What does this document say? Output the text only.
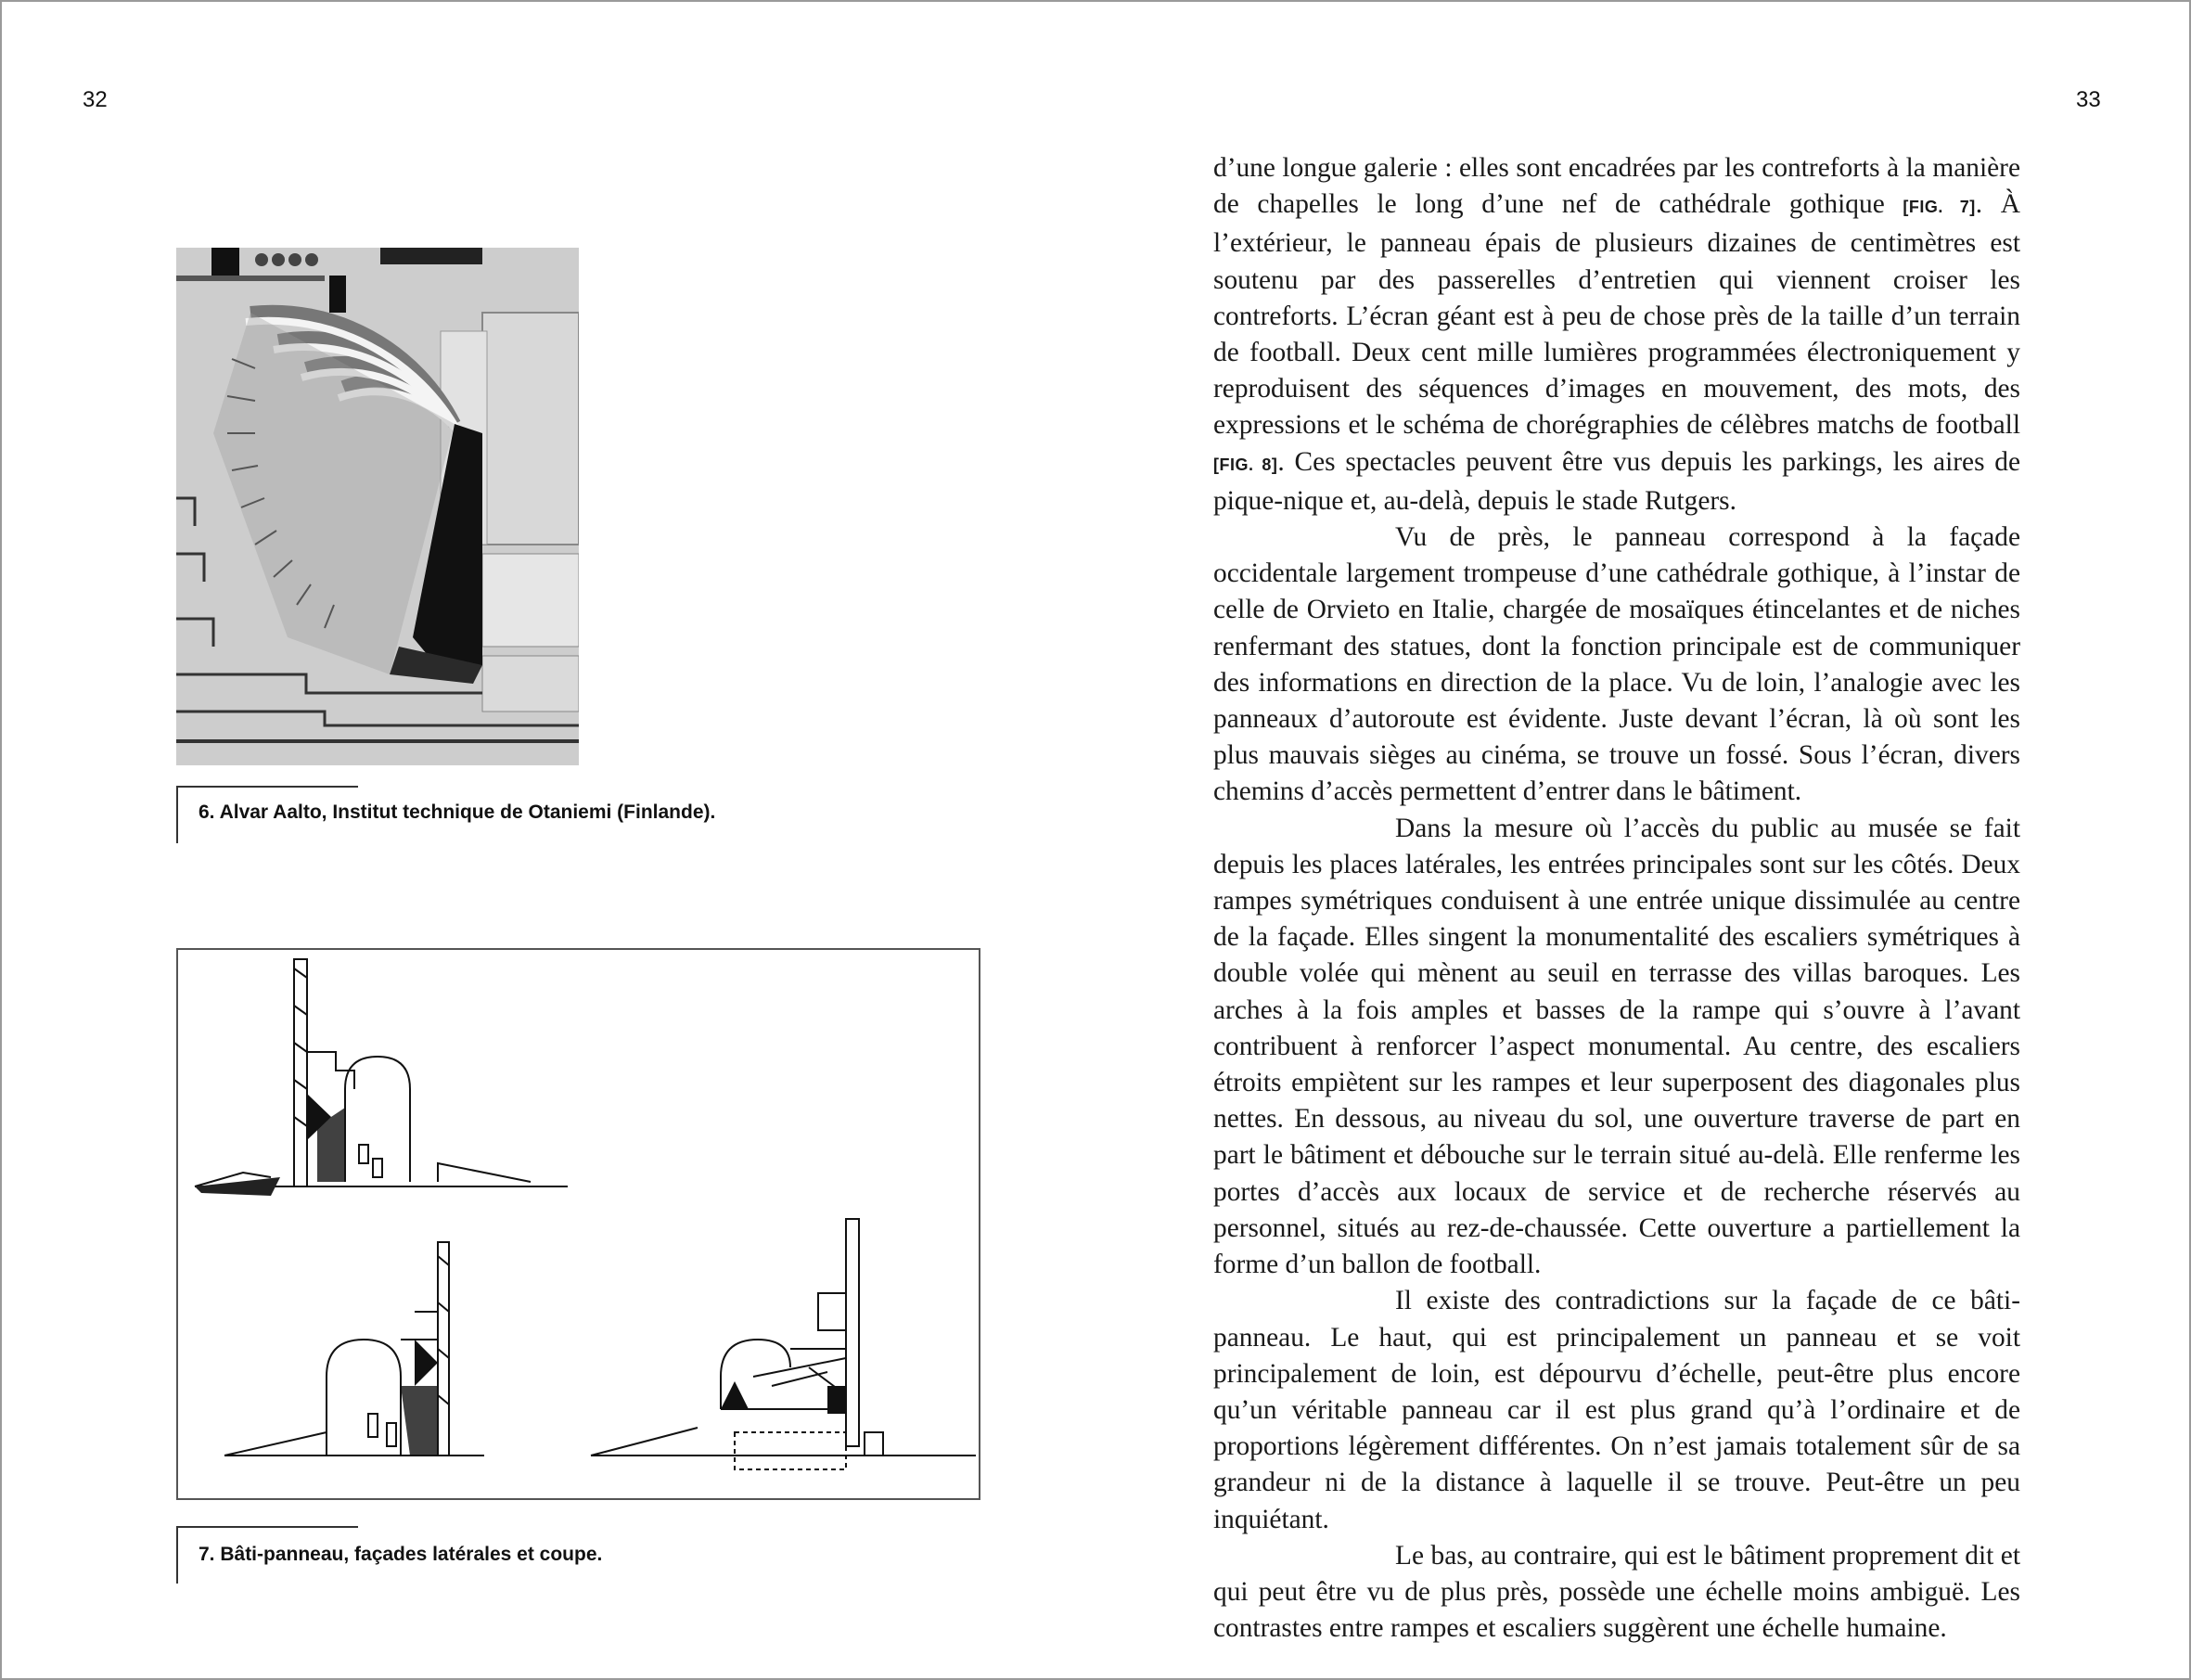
32	33
6. Alvar Aalto, Institut technique de Otaniemi (Finlande).
7. Bâti-panneau, façades latérales et coupe.

d’une longue galerie : elles sont encadrées par les contreforts à la manière de chapelles le long d’une nef de cathédrale gothique [FIG. 7]. À l’extérieur, le panneau épais de plusieurs dizaines de centimètres est soutenu par des passerelles d’entretien qui viennent croiser les contreforts. L’écran géant est à peu de chose près de la taille d’un terrain de football. Deux cent mille lumières programmées électroniquement y reproduisent des séquences d’images en mouvement, des mots, des expressions et le schéma de chorégraphies de célèbres matchs de football [FIG. 8]. Ces spectacles peuvent être vus depuis les parkings, les aires de pique-nique et, au-delà, depuis le stade Rutgers.

Vu de près, le panneau correspond à la façade occidentale largement trompeuse d’une cathédrale gothique, à l’instar de celle de Orvieto en Italie, chargée de mosaïques étincelantes et de niches renfermant des statues, dont la fonction principale est de communiquer des informations en direction de la place. Vu de loin, l’analogie avec les panneaux d’autoroute est évidente. Juste devant l’écran, là où sont les plus mauvais sièges au cinéma, se trouve un fossé. Sous l’écran, divers chemins d’accès permettent d’entrer dans le bâtiment.

Dans la mesure où l’accès du public au musée se fait depuis les places latérales, les entrées principales sont sur les côtés. Deux rampes symétriques conduisent à une entrée unique dissimulée au centre de la façade. Elles singent la monumentalité des escaliers symétriques à double volée qui mènent au seuil en terrasse des villas baroques. Les arches à la fois amples et basses de la rampe qui s’ouvre à l’avant contribuent à renforcer l’aspect monumental. Au centre, des escaliers étroits empiètent sur les rampes et leur superposent des diagonales plus nettes. En dessous, au niveau du sol, une ouverture traverse de part en part le bâtiment et débouche sur le terrain situé au-delà. Elle renferme les portes d’accès aux locaux de service et de recherche réservés au personnel, situés au rez-de-chaussée. Cette ouverture a partiellement la forme d’un ballon de football.

Il existe des contradictions sur la façade de ce bâti-panneau. Le haut, qui est principalement un panneau et se voit principalement de loin, est dépourvu d’échelle, peut-être plus encore qu’un véritable panneau car il est plus grand qu’à l’ordinaire et de proportions légèrement différentes. On n’est jamais totalement sûr de sa grandeur ni de la distance à laquelle il se trouve. Peut-être un peu inquiétant.

Le bas, au contraire, qui est le bâtiment proprement dit et qui peut être vu de plus près, possède une échelle moins ambiguë. Les contrastes entre rampes et escaliers suggèrent une échelle humaine.
